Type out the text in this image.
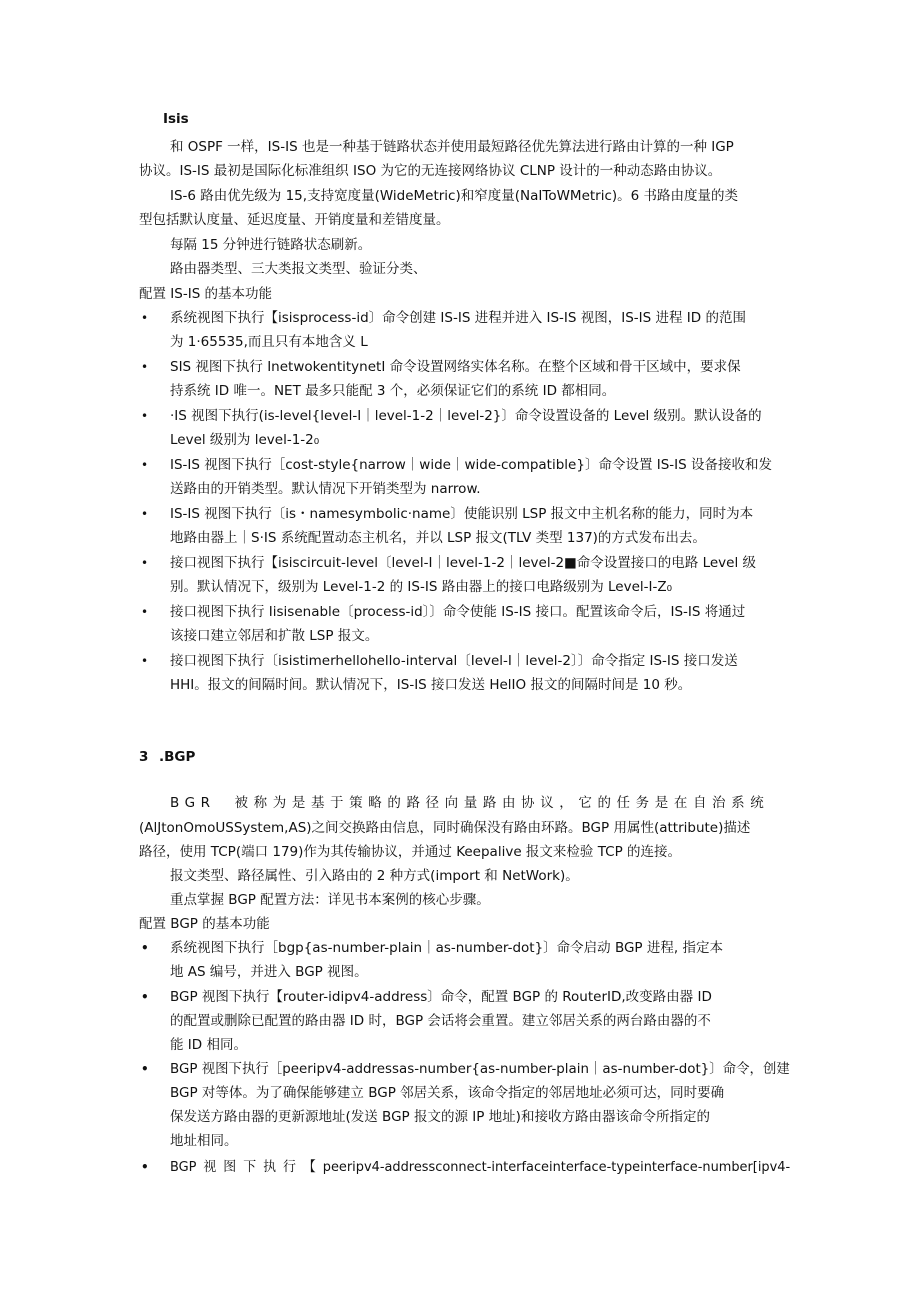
Isis
和 OSPF 一样，IS-IS 也是一种基于链路状态并使用最短路径优先算法进行路由计算的一种 IGP
协议。IS-IS 最初是国际化标准组织 ISO 为它的无连接网络协议 CLNP 设计的一种动态路由协议。
IS-6 路由优先级为 15,支持宽度量(WideMetric)和窄度量(NaIToWMetric)。6 书路由度量的类
型包括默认度量、延迟度量、开销度量和差错度量。
每隔 15 分钟进行链路状态刷新。
路由器类型、三大类报文类型、验证分类、
配置 IS-IS 的基本功能
• 系统视图下执行【isisprocess-id〕命令创建 IS-IS 进程并进入 IS-IS 视图，IS-IS 进程 ID 的范围
为 1·65535,而且只有本地含义 L
• SIS 视图下执行 InetwokentitynetI 命令设置网络实体名称。在整个区域和骨干区域中，要求保
持系统 ID 唯一。NET 最多只能配 3 个，必须保证它们的系统 ID 都相同。
• ·IS 视图下执行(is-level{level-I｜level-1-2｜level-2}〕命令设置设备的 Level 级别。默认设备的
Level 级别为 level-1-2₀
• IS-IS 视图下执行［cost-style{narrow｜wide｜wide-compatible}〕命令设置 IS-IS 设备接收和发
送路由的开销类型。默认情况下开销类型为 narrow.
• IS-IS 视图下执行〔is・namesymbolic·name〕使能识别 LSP 报文中主机名称的能力，同时为本
地路由器上｜S·IS 系统配置动态主机名，并以 LSP 报文(TLV 类型 137)的方式发布出去。
• 接口视图下执行【isiscircuit-level〔level-I｜level-1-2｜level-2■命令设置接口的电路 Level 级
别。默认情况下，级别为 Level-1-2 的 IS-IS 路由器上的接口电路级别为 Level-I-Z₀
• 接口视图下执行 Iisisenable〔process-id〕〕命令使能 IS-IS 接口。配置该命令后，IS-IS 将通过
该接口建立邻居和扩散 LSP 报文。
• 接口视图下执行〔isistimerhellohello-interval〔Ievel-I｜level-2〕〕命令指定 IS-IS 接口发送
HHI。报文的间隔时间。默认情况下，IS-IS 接口发送 HelIO 报文的间隔时间是 10 秒。
3 .BGP
BGR 被称为是基于策略的路径向量路由协议，它的任务是在自治系统
(AlJtonOmoUSSystem,AS)之间交换路由信息，同时确保没有路由环路。BGP 用属性(attribute)描述
路径，使用 TCP(端口 179)作为其传输协议，并通过 Keepalive 报文来检验 TCP 的连接。
报文类型、路径属性、引入路由的 2 种方式(import 和 NetWork)。
重点掌握 BGP 配置方法：详见书本案例的核心步骤。
配置 BGP 的基本功能
• 系统视图下执行［bgp{as-number-plain｜as-number-dot}〕命令启动 BGP 进程, 指定本
地 AS 编号，并进入 BGP 视图。
• BGP 视图下执行【router-idipv4-address〕命令，配置 BGP 的 RouterID,改变路由器 ID
的配置或删除已配置的路由器 ID 时，BGP 会话将会重置。建立邻居关系的两台路由器的不
能 ID 相同。
• BGP 视图下执行［peeripv4-addressas-number{as-number-plain｜as-number-dot}〕命令，创建
BGP 对等体。为了确保能够建立 BGP 邻居关系，该命令指定的邻居地址必须可达，同时要确
保发送方路由器的更新源地址(发送 BGP 报文的源 IP 地址)和接收方路由器该命令所指定的
地址相同。
• BGP 视 图 下 执 行 【 peeripv4-addressconnect-interfaceinterface-typeinterface-number[ipv4-
